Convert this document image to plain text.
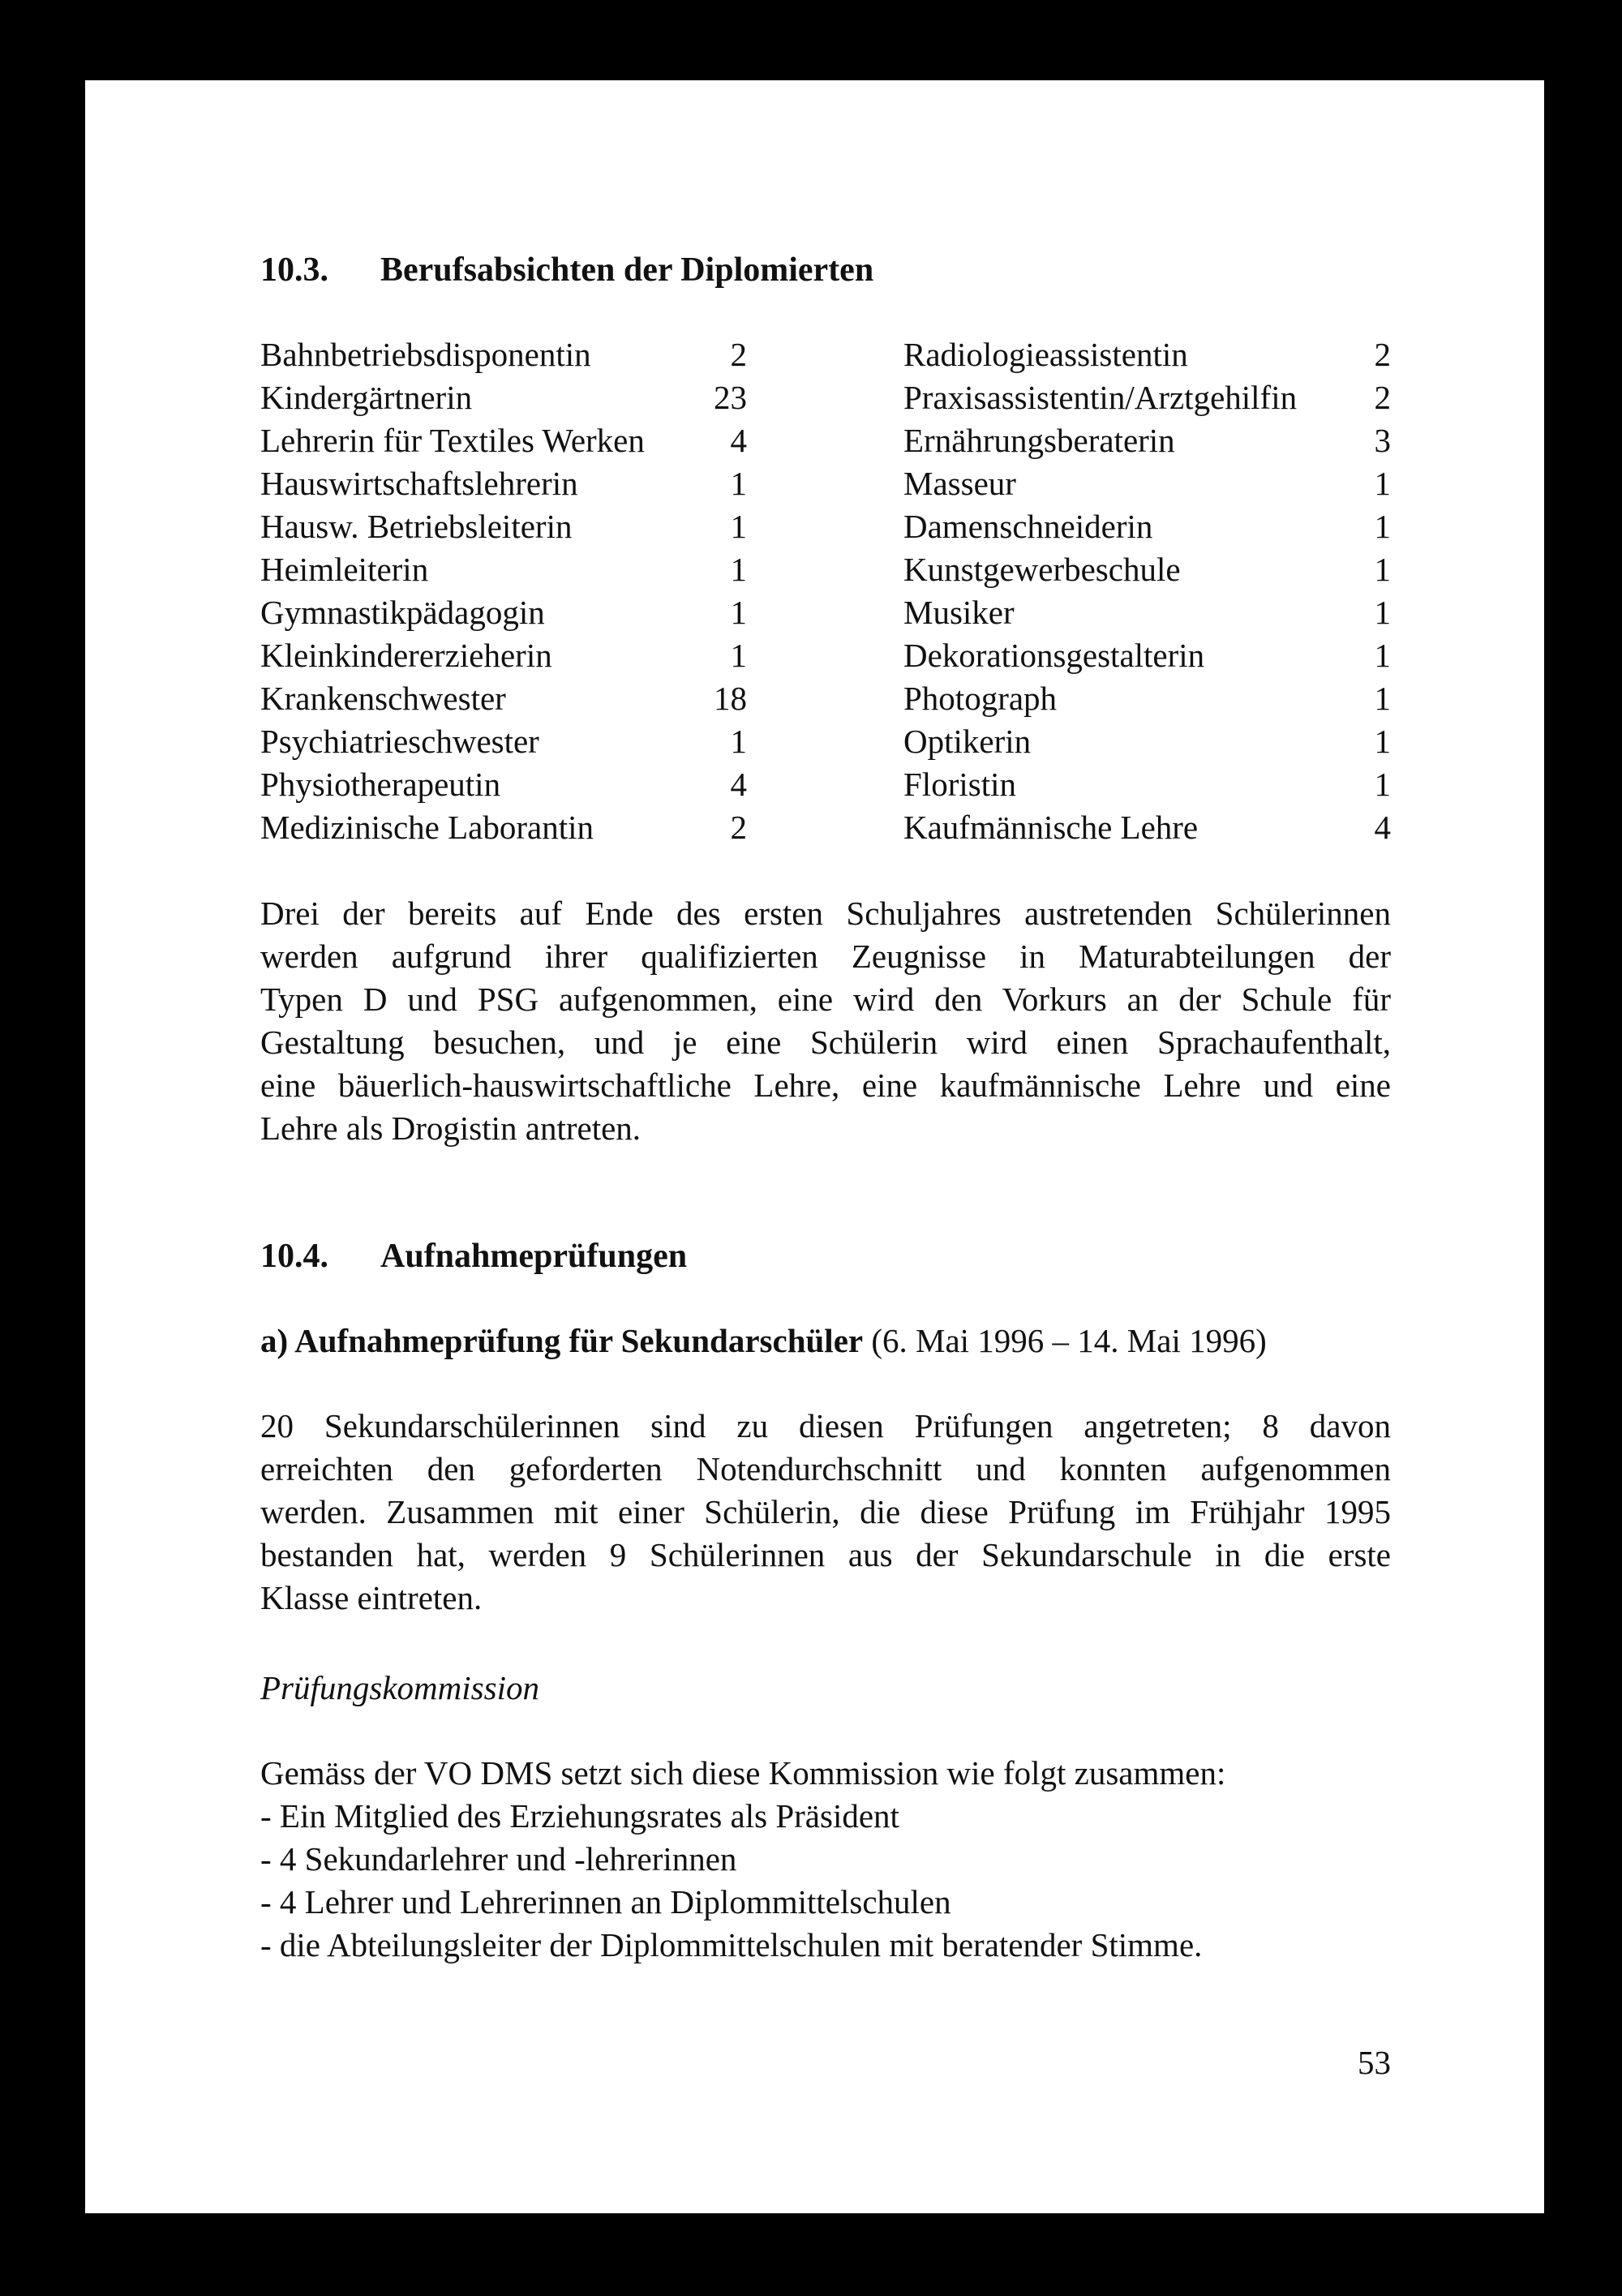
10.3. Berufsabsichten der Diplomierten
Bahnbetriebsdisponentin	2		Radiologieassistentin	2
Kindergärtnerin	23		Praxisassistentin/Arztgehilfin	2
Lehrerin für Textiles Werken	4		Ernährungsberaterin	3
Hauswirtschaftslehrerin	1		Masseur	1
Hausw. Betriebsleiterin	1		Damenschneiderin	1
Heimleiterin	1		Kunstgewerbeschule	1
Gymnastikpädagogin	1		Musiker	1
Kleinkindererzieherin	1		Dekorationsgestalterin	1
Krankenschwester	18		Photograph	1
Psychiatrieschwester	1		Optikerin	1
Physiotherapeutin	4		Floristin	1
Medizinische Laborantin	2		Kaufmännische Lehre	4
Drei der bereits auf Ende des ersten Schuljahres austretenden Schülerinnen
werden aufgrund ihrer qualifizierten Zeugnisse in Maturabteilungen der
Typen D und PSG aufgenommen, eine wird den Vorkurs an der Schule für
Gestaltung besuchen, und je eine Schülerin wird einen Sprachaufenthalt,
eine bäuerlich-hauswirtschaftliche Lehre, eine kaufmännische Lehre und eine
Lehre als Drogistin antreten.
10.4. Aufnahmeprüfungen
a) Aufnahmeprüfung für Sekundarschüler (6. Mai 1996 – 14. Mai 1996)
20 Sekundarschülerinnen sind zu diesen Prüfungen angetreten; 8 davon
erreichten den geforderten Notendurchschnitt und konnten aufgenommen
werden. Zusammen mit einer Schülerin, die diese Prüfung im Frühjahr 1995
bestanden hat, werden 9 Schülerinnen aus der Sekundarschule in die erste
Klasse eintreten.
Prüfungskommission
Gemäss der VO DMS setzt sich diese Kommission wie folgt zusammen:
- Ein Mitglied des Erziehungsrates als Präsident
- 4 Sekundarlehrer und -lehrerinnen
- 4 Lehrer und Lehrerinnen an Diplommittelschulen
- die Abteilungsleiter der Diplommittelschulen mit beratender Stimme.
53
